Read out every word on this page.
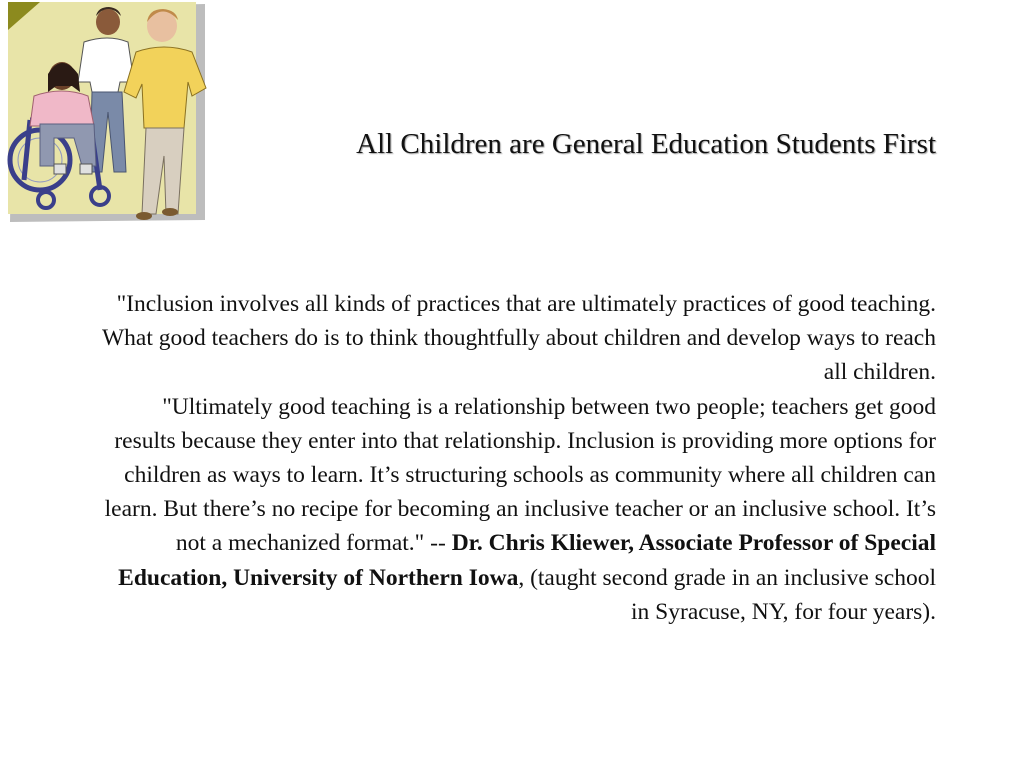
All Children are General Education Students First

"Inclusion involves all kinds of practices that are ultimately practices of good teaching. What good teachers do is to think thoughtfully about children and develop ways to reach all children.

"Ultimately good teaching is a relationship between two people; teachers get good results because they enter into that relationship. Inclusion is providing more options for children as ways to learn. It’s structuring schools as community where all children can learn. But there’s no recipe for becoming an inclusive teacher or an inclusive school. It’s not a mechanized format." -- Dr. Chris Kliewer, Associate Professor of Special Education, University of Northern Iowa, (taught second grade in an inclusive school in Syracuse, NY, for four years).
